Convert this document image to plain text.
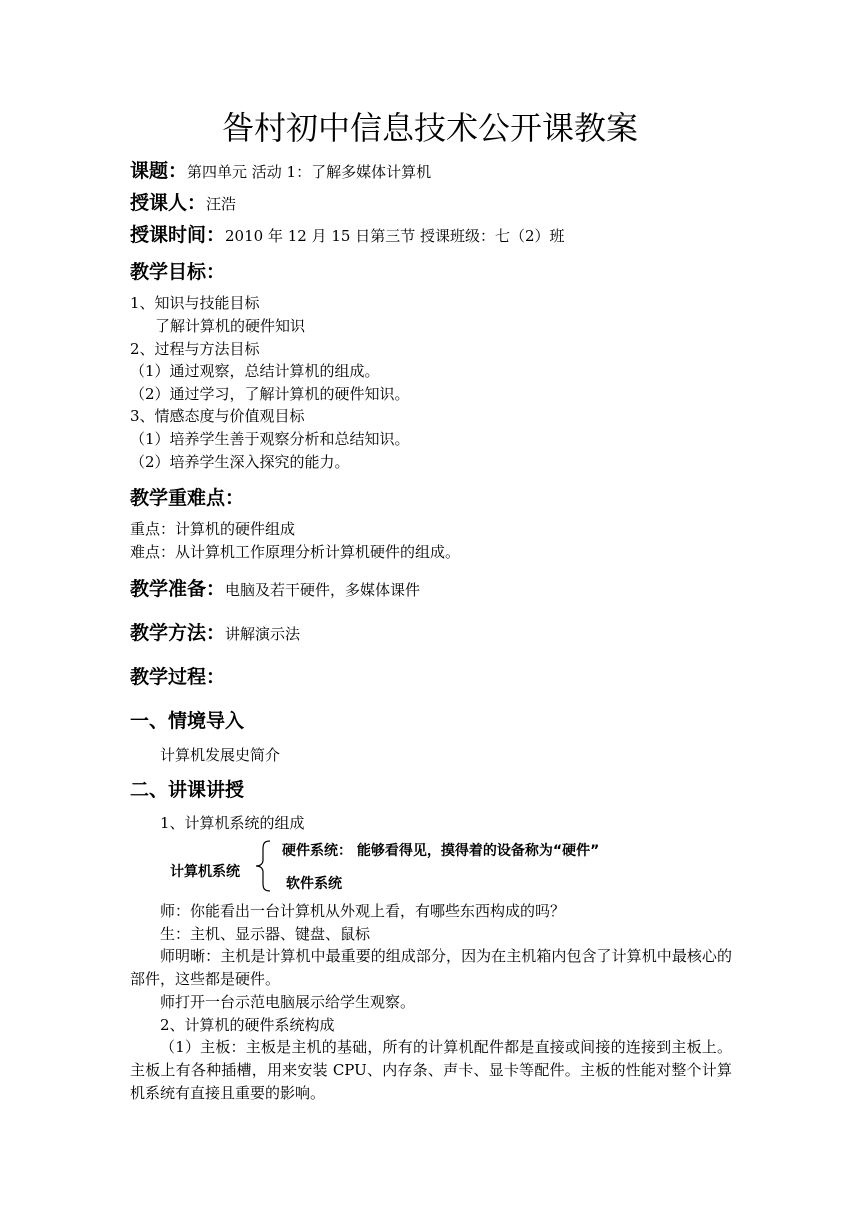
昝村初中信息技术公开课教案
课题：第四单元 活动 1：了解多媒体计算机
授课人：汪浩
授课时间：2010 年 12 月 15 日第三节 授课班级：七（2）班
教学目标：
1、知识与技能目标
了解计算机的硬件知识
2、过程与方法目标
（1）通过观察，总结计算机的组成。
（2）通过学习，了解计算机的硬件知识。
3、情感态度与价值观目标
（1）培养学生善于观察分析和总结知识。
（2）培养学生深入探究的能力。
教学重难点：
重点：计算机的硬件组成
难点：从计算机工作原理分析计算机硬件的组成。
教学准备：电脑及若干硬件，多媒体课件
教学方法：讲解演示法
教学过程：
一、情境导入
计算机发展史简介
二、讲课讲授
1、计算机系统的组成
计算机系统
硬件系统： 能够看得见，摸得着的设备称为“硬件”
软件系统
师：你能看出一台计算机从外观上看，有哪些东西构成的吗？
生：主机、显示器、键盘、鼠标
师明晰：主机是计算机中最重要的组成部分，因为在主机箱内包含了计算机中最核心的部件，这些都是硬件。
师打开一台示范电脑展示给学生观察。
2、计算机的硬件系统构成
（1）主板：主板是主机的基础，所有的计算机配件都是直接或间接的连接到主板上。主板上有各种插槽，用来安装 CPU、内存条、声卡、显卡等配件。主板的性能对整个计算机系统有直接且重要的影响。
